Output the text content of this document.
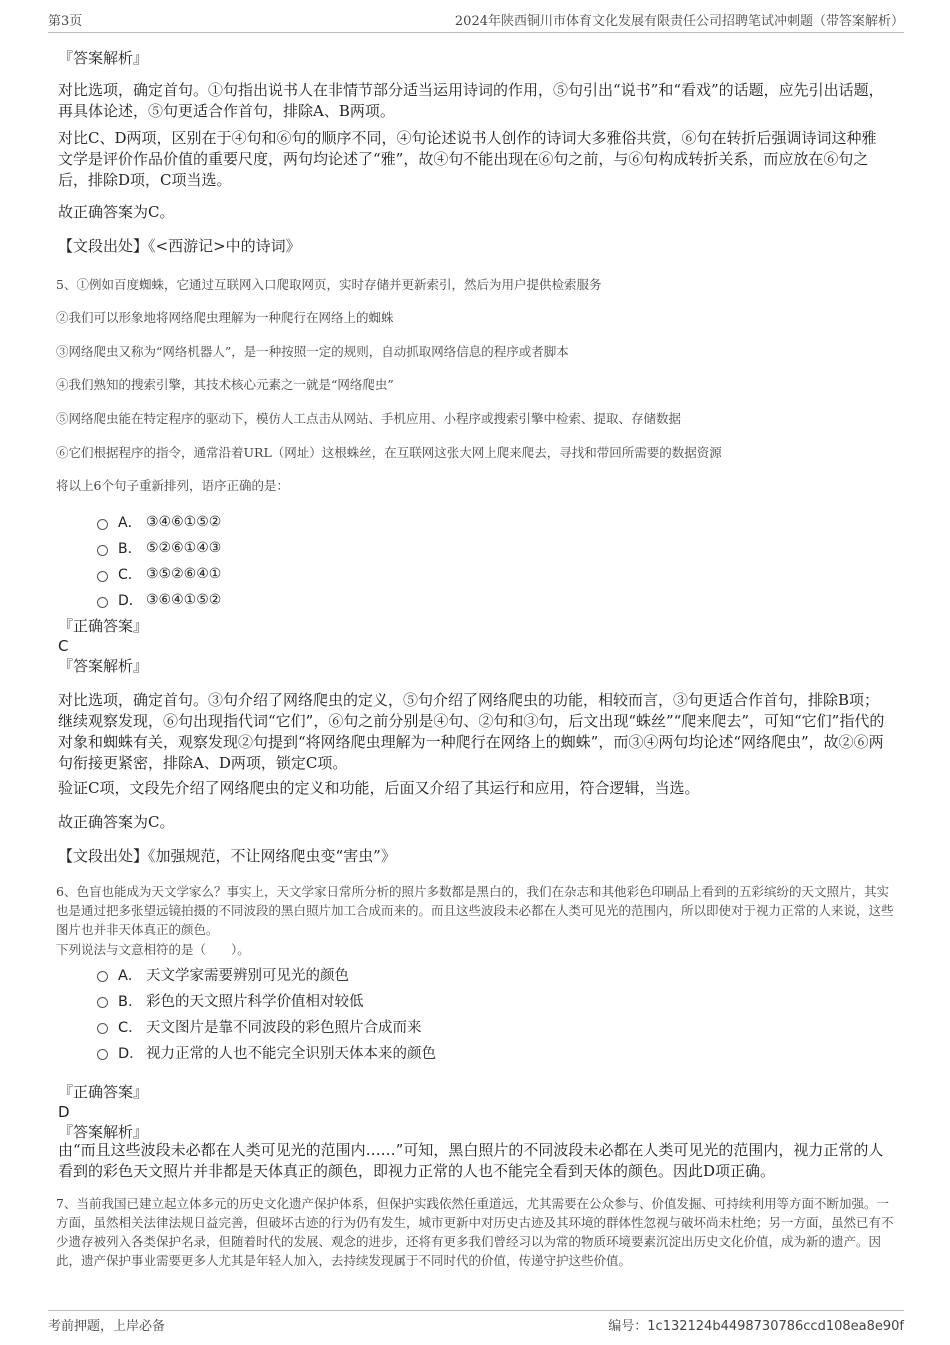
第3页	2024年陕西铜川市体育文化发展有限责任公司招聘笔试冲刺题（带答案解析）
『答案解析』
对比选项，确定首句。①句指出说书人在非情节部分适当运用诗词的作用，⑤句引出“说书”和“看戏”的话题，应先引出话题，再具体论述，⑤句更适合作首句，排除A、B两项。
对比C、D两项，区别在于④句和⑥句的顺序不同，④句论述说书人创作的诗词大多雅俗共赏，⑥句在转折后强调诗词这种雅文学是评价作品价值的重要尺度，两句均论述了“雅”，故④句不能出现在⑥句之前，与⑥句构成转折关系，而应放在⑥句之后，排除D项，C项当选。
故正确答案为C。
【文段出处】《<西游记>中的诗词》
5、①例如百度蜘蛛，它通过互联网入口爬取网页，实时存储并更新索引，然后为用户提供检索服务
②我们可以形象地将网络爬虫理解为一种爬行在网络上的蜘蛛
③网络爬虫又称为“网络机器人”，是一种按照一定的规则，自动抓取网络信息的程序或者脚本
④我们熟知的搜索引擎，其技术核心元素之一就是“网络爬虫”
⑤网络爬虫能在特定程序的驱动下，模仿人工点击从网站、手机应用、小程序或搜索引擎中检索、提取、存储数据
⑥它们根据程序的指令，通常沿着URL（网址）这根蛛丝，在互联网这张大网上爬来爬去，寻找和带回所需要的数据资源
将以上6个句子重新排列，语序正确的是：
A． ③④⑥①⑤②
B． ⑤②⑥①④③
C． ③⑤②⑥④①
D． ③⑥④①⑤②
『正确答案』
C
『答案解析』
对比选项，确定首句。③句介绍了网络爬虫的定义，⑤句介绍了网络爬虫的功能，相较而言，③句更适合作首句，排除B项；继续观察发现，⑥句出现指代词“它们”，⑥句之前分别是④句、②句和③句，后文出现“蛛丝”“爬来爬去”，可知“它们”指代的对象和蜘蛛有关，观察发现②句提到“将网络爬虫理解为一种爬行在网络上的蜘蛛”，而③④两句均论述“网络爬虫”，故②⑥两句衔接更紧密，排除A、D两项，锁定C项。
验证C项，文段先介绍了网络爬虫的定义和功能，后面又介绍了其运行和应用，符合逻辑，当选。
故正确答案为C。
【文段出处】《加强规范，不让网络爬虫变“害虫”》
6、色盲也能成为天文学家么？事实上，天文学家日常所分析的照片多数都是黑白的，我们在杂志和其他彩色印刷品上看到的五彩缤纷的天文照片，其实也是通过把多张望远镜拍摄的不同波段的黑白照片加工合成而来的。而且这些波段未必都在人类可见光的范围内，所以即使对于视力正常的人来说，这些图片也并非天体真正的颜色。
下列说法与文意相符的是（　　）。
A． 天文学家需要辨别可见光的颜色
B． 彩色的天文照片科学价值相对较低
C． 天文图片是靠不同波段的彩色照片合成而来
D． 视力正常的人也不能完全识别天体本来的颜色
『正确答案』
D
『答案解析』
由“而且这些波段未必都在人类可见光的范围内……”可知，黑白照片的不同波段未必都在人类可见光的范围内，视力正常的人看到的彩色天文照片并非都是天体真正的颜色，即视力正常的人也不能完全看到天体的颜色。因此D项正确。
7、当前我国已建立起立体多元的历史文化遗产保护体系，但保护实践依然任重道远，尤其需要在公众参与、价值发掘、可持续利用等方面不断加强。一方面，虽然相关法律法规日益完善，但破坏古迹的行为仍有发生，城市更新中对历史古迹及其环境的群体性忽视与破坏尚未杜绝；另一方面，虽然已有不少遗存被列入各类保护名录，但随着时代的发展、观念的进步，还将有更多我们曾经习以为常的物质环境要素沉淀出历史文化价值，成为新的遗产。因此，遗产保护事业需要更多人尤其是年轻人加入，去持续发现属于不同时代的价值，传递守护这些价值。
考前押题，上岸必备	编号：1c132124b4498730786ccd108ea8e90f
